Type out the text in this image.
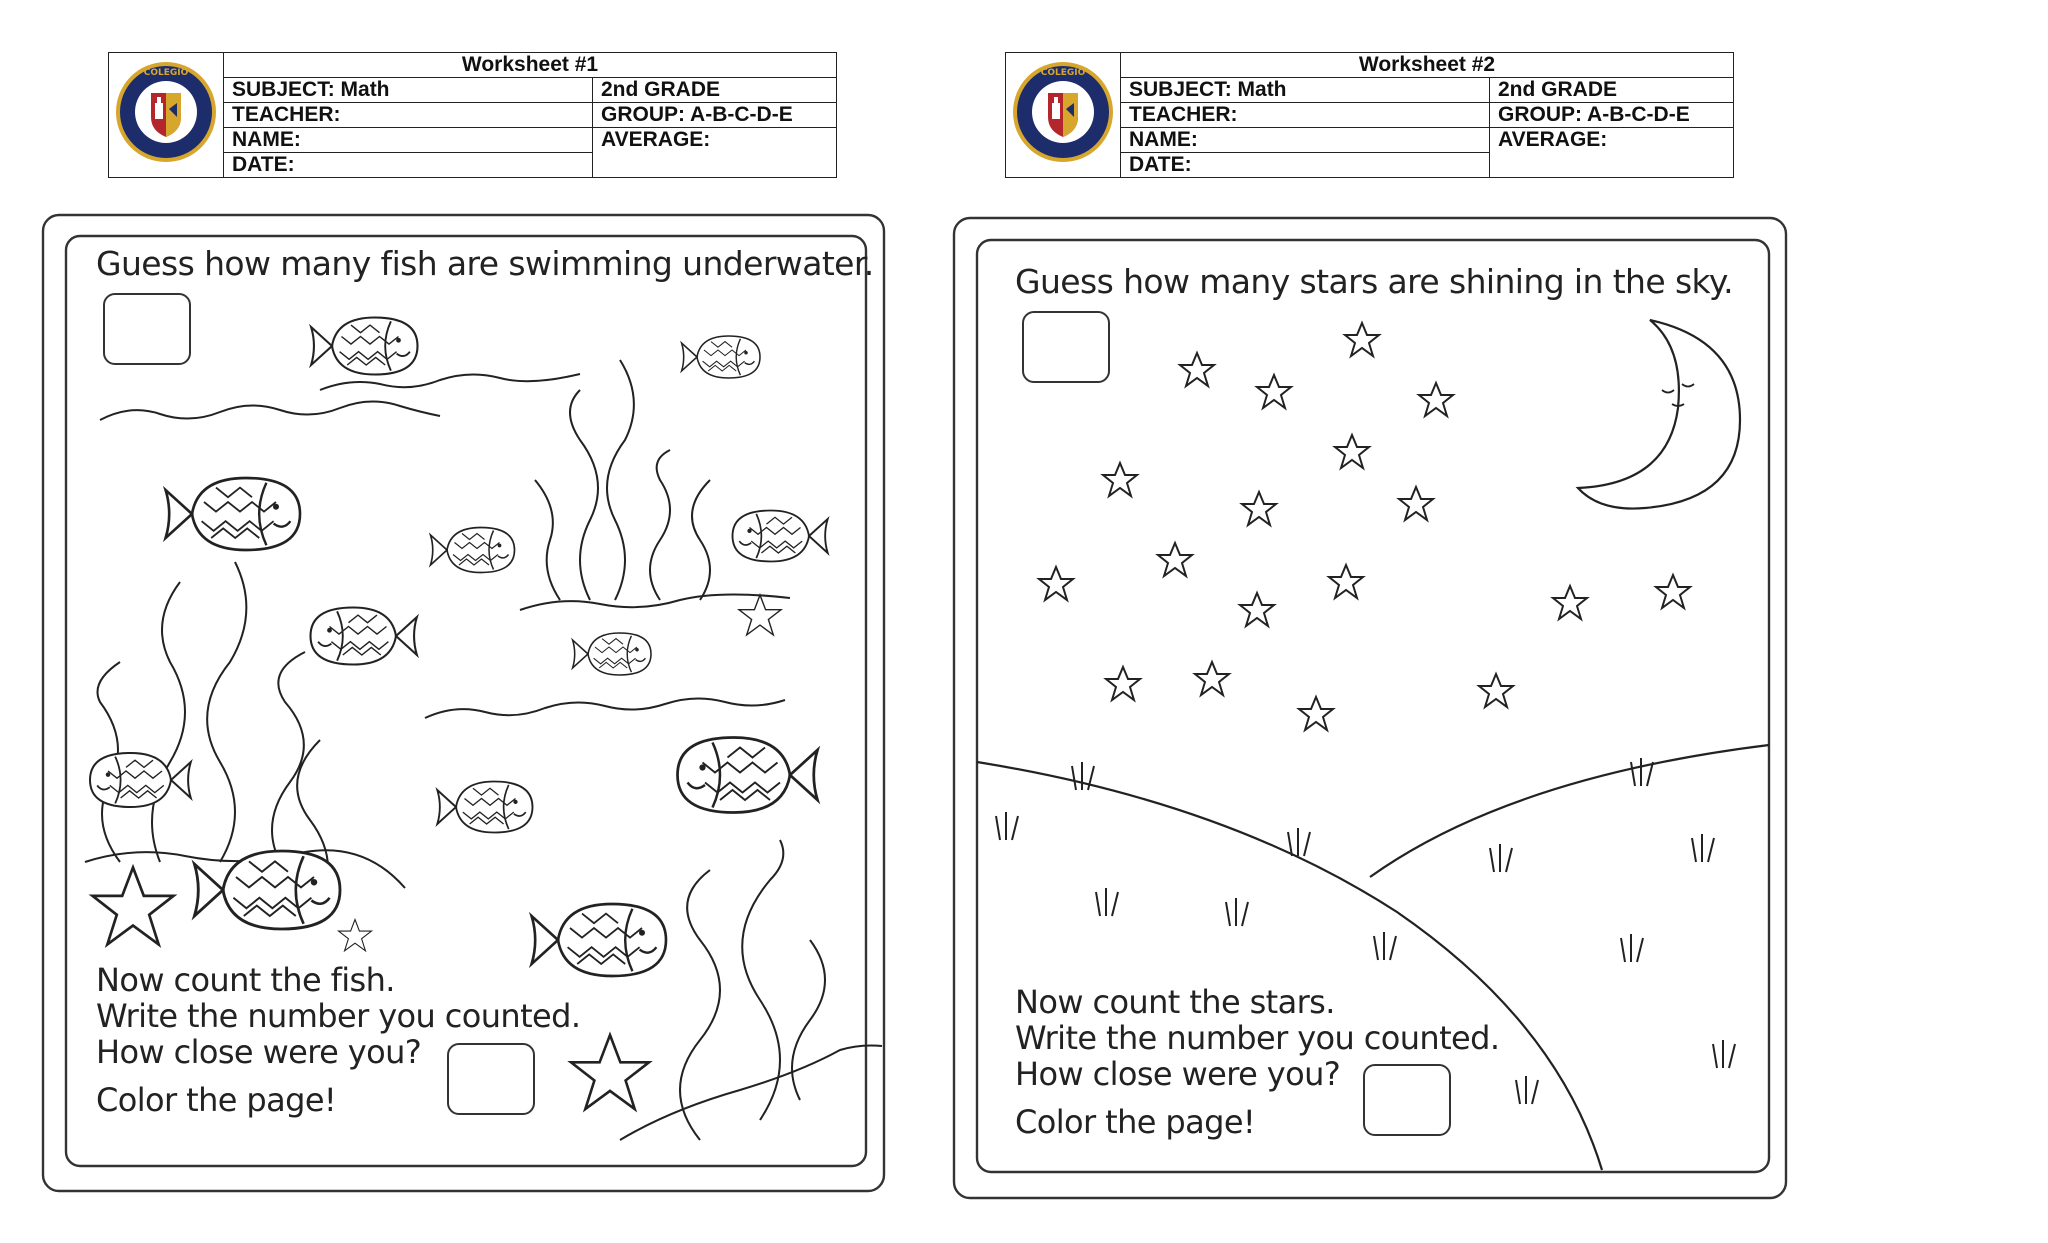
COLEGIO	Worksheet #1	
	SUBJECT: Math	2nd GRADE
	TEACHER:	GROUP: A-B-C-D-E
	NAME:	AVERAGE:
	DATE:	
Guess how many fish are swimming underwater.
Now count the fish.
Write the number you counted.
How close were you?
Color the page!
COLEGIO	Worksheet #2	
	SUBJECT: Math	2nd GRADE
	TEACHER:	GROUP: A-B-C-D-E
	NAME:	AVERAGE:
	DATE:	
Guess how many stars are shining in the sky.
Now count the stars.
Write the number you counted.
How close were you?
Color the page!
